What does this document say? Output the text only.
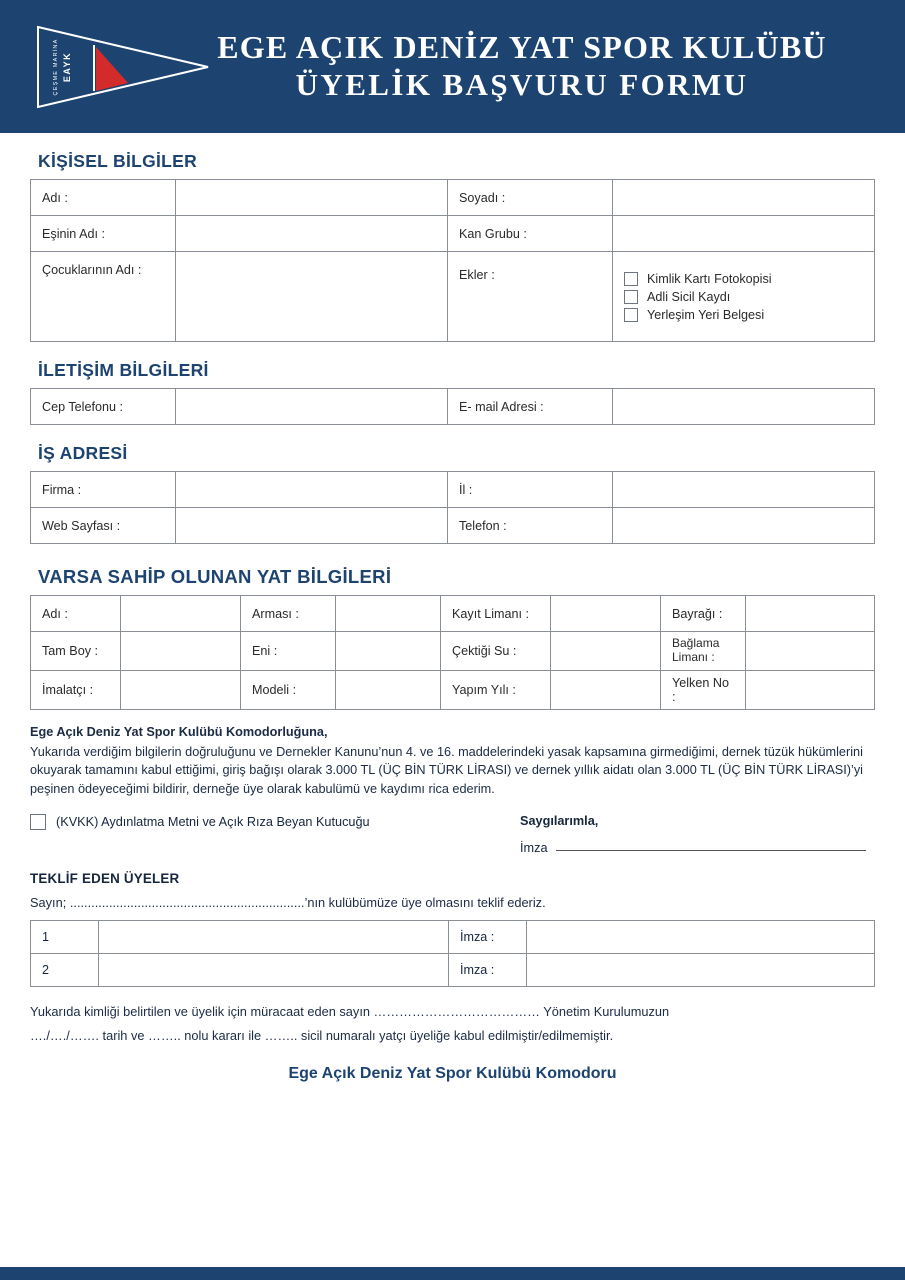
EAYK
ÇEŞME MARİNA	EGE AÇIK DENİZ YAT SPOR KULÜBÜ
ÜYELİK BAŞVURU FORMU
KİŞİSEL BİLGİLER
Adı :		Soyadı :	
Eşinin Adı :		Kan Grubu :	
Çocuklarının Adı :		Ekler :	Kimlik Kartı Fotokopisi
Adli Sicil Kaydı
Yerleşim Yeri Belgesi
İLETİŞİM BİLGİLERİ
Cep Telefonu :		E- mail Adresi :	
İŞ ADRESİ
Firma :		İl :	
Web Sayfası :		Telefon :	
VARSA SAHİP OLUNAN YAT BİLGİLERİ
Adı :		Arması :		Kayıt Limanı :		Bayrağı :	
Tam Boy :		Eni :		Çektiği Su :		Bağlama Limanı :	
İmalatçı :		Modeli :		Yapım Yılı :		Yelken No :	

Ege Açık Deniz Yat Spor Kulübü Komodorluğuna,

Yukarıda verdiğim bilgilerin doğruluğunu ve Dernekler Kanunu’nun 4. ve 16. maddelerindeki yasak kapsamına girmediğimi, dernek tüzük hükümlerini okuyarak tamamını kabul ettiğimi, giriş bağışı olarak 3.000 TL (ÜÇ BİN TÜRK LİRASI) ve dernek yıllık aidatı olan 3.000 TL (ÜÇ BİN TÜRK LİRASI)’yi peşinen ödeyeceğimi bildirir, derneğe üye olarak kabulümü ve kaydımı rica ederim.

(KVKK) Aydınlatma Metni ve Açık Rıza Beyan Kutucuğu	Saygılarımla,
İmza
TEKLİF EDEN ÜYELER
Sayın; ..................................................................’nın kulübümüze üye olmasını teklif ederiz.
1		İmza :	
2		İmza :	
Yukarıda kimliği belirtilen ve üyelik için müracaat eden sayın ………………………………… Yönetim Kurulumuzun
…./…./……. tarih ve …….. nolu kararı ile …….. sicil numaralı yatçı üyeliğe kabul edilmiştir/edilmemiştir.
Ege Açık Deniz Yat Spor Kulübü Komodoru
